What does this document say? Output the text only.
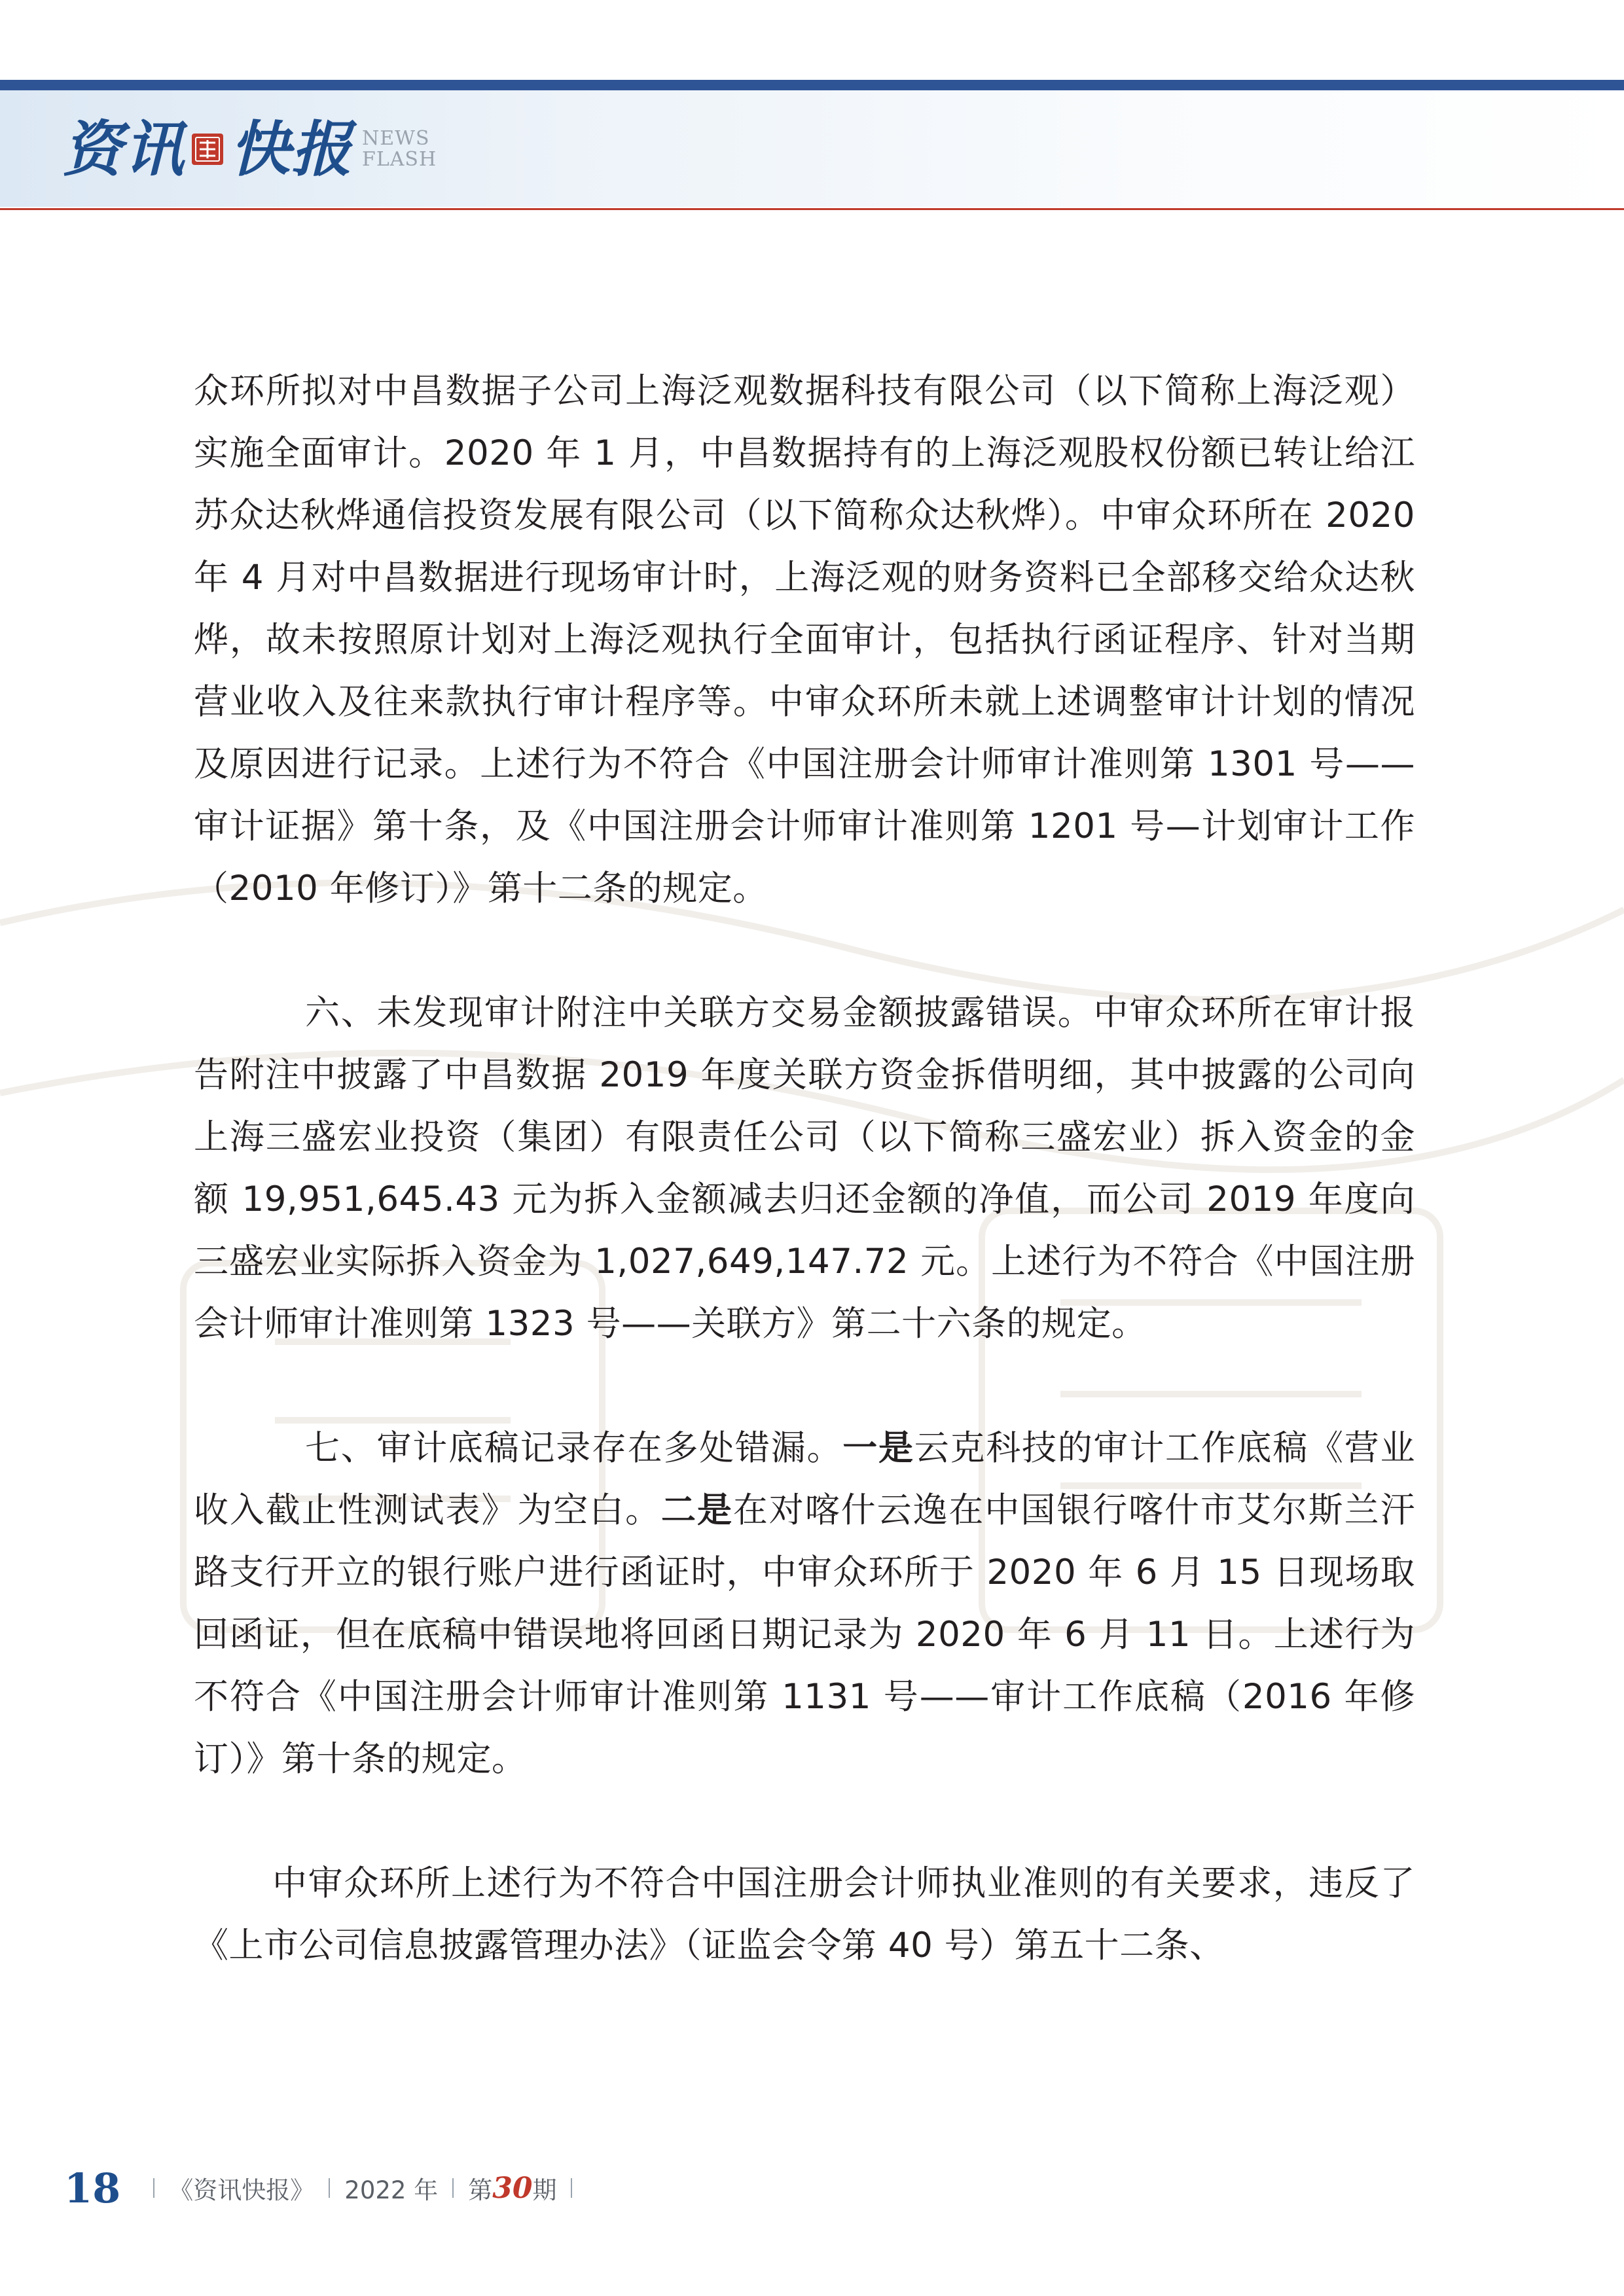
资讯 快报 NEWS
FLASH

众环所拟对中昌数据子公司上海泛观数据科技有限公司（以下简称上海泛观）实施全面审计。2020 年 1 月，中昌数据持有的上海泛观股权份额已转让给江苏众达秋烨通信投资发展有限公司（以下简称众达秋烨）。中审众环所在 2020 年 4 月对中昌数据进行现场审计时，上海泛观的财务资料已全部移交给众达秋烨，故未按照原计划对上海泛观执行全面审计，包括执行函证程序、针对当期营业收入及往来款执行审计程序等。中审众环所未就上述调整审计计划的情况及原因进行记录。上述行为不符合《中国注册会计师审计准则第 1301 号——审计证据》第十条，及《中国注册会计师审计准则第 1201 号—计划审计工作（2010 年修订）》第十二条的规定。

六、未发现审计附注中关联方交易金额披露错误。中审众环所在审计报告附注中披露了中昌数据 2019 年度关联方资金拆借明细，其中披露的公司向上海三盛宏业投资（集团）有限责任公司（以下简称三盛宏业）拆入资金的金额 19,951,645.43 元为拆入金额减去归还金额的净值，而公司 2019 年度向三盛宏业实际拆入资金为 1,027,649,147.72 元。上述行为不符合《中国注册会计师审计准则第 1323 号——关联方》第二十六条的规定。

七、审计底稿记录存在多处错漏。一是云克科技的审计工作底稿《营业收入截止性测试表》为空白。二是在对喀什云逸在中国银行喀什市艾尔斯兰汗路支行开立的银行账户进行函证时，中审众环所于 2020 年 6 月 15 日现场取回函证，但在底稿中错误地将回函日期记录为 2020 年 6 月 11 日。上述行为不符合《中国注册会计师审计准则第 1131 号——审计工作底稿（2016 年修订）》第十条的规定。

中审众环所上述行为不符合中国注册会计师执业准则的有关要求，违反了《上市公司信息披露管理办法》（证监会令第 40 号）第五十二条、

18 《资讯快报》 2022 年 第 30 期
